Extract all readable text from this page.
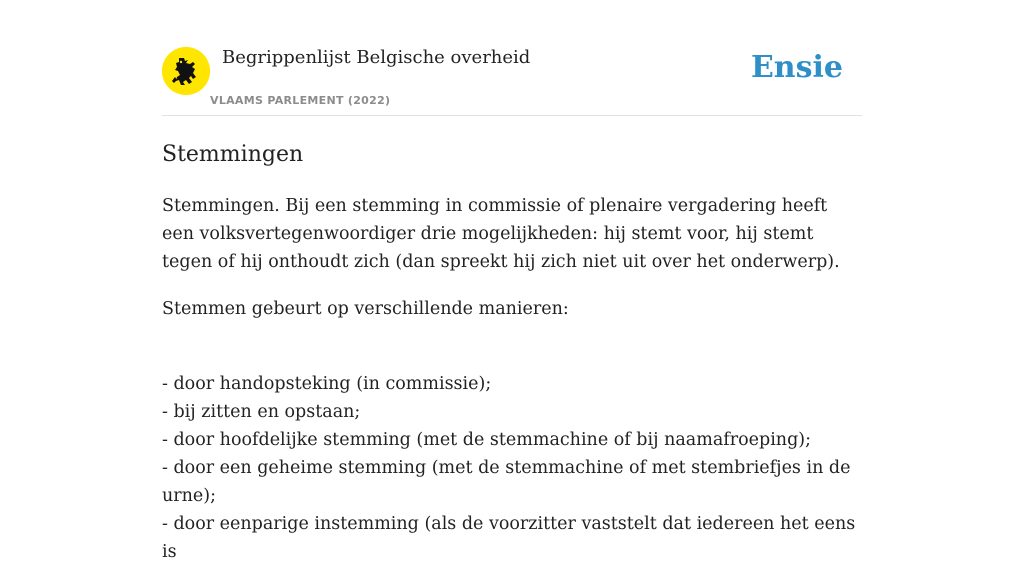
Begrippenlijst Belgische overheid
VLAAMS PARLEMENT (2022)
Ensie
Stemmingen

Stemmingen. Bij een stemming in commissie of plenaire vergadering heeft een volksvertegenwoordiger drie mogelijkheden: hij stemt voor, hij stemt tegen of hij onthoudt zich (dan spreekt hij zich niet uit over het onderwerp).

Stemmen gebeurt op verschillende manieren:

- door handopsteking (in commissie);
- bij zitten en opstaan;
- door hoofdelijke stemming (met de stemmachine of bij naamafroeping);
- door een geheime stemming (met de stemmachine of met stembriefjes in de urne);
- door eenparige instemming (als de voorzitter vaststelt dat iedereen het eens is
